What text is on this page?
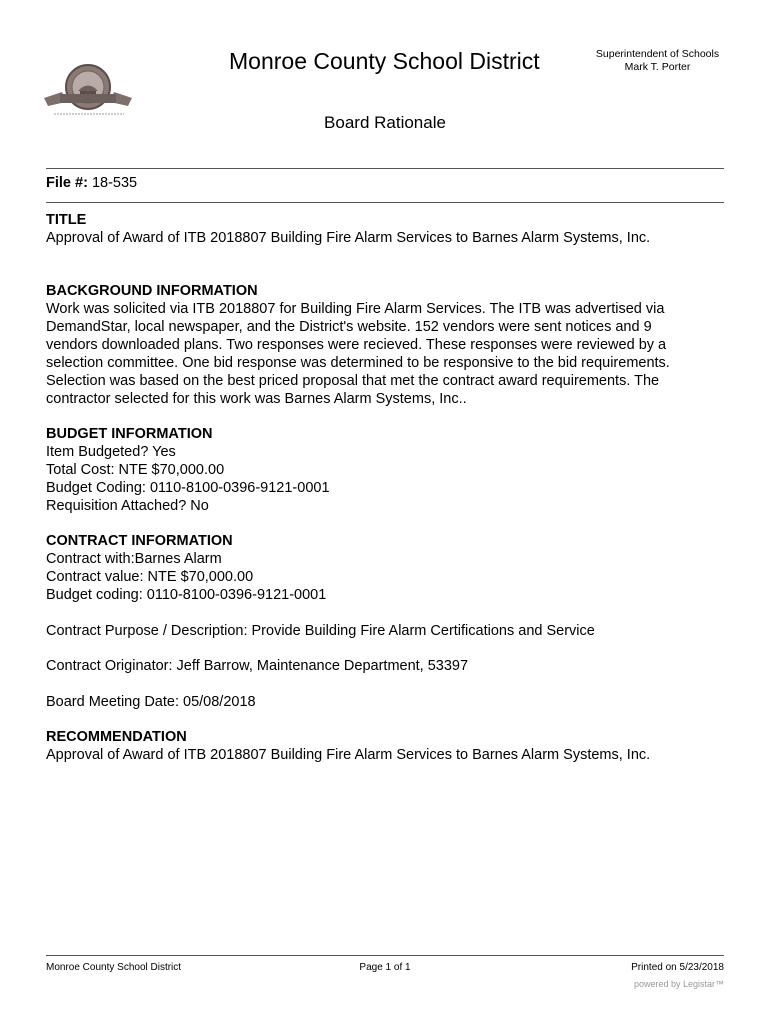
Monroe County School District	Superintendent of Schools
Mark T. Porter
Board Rationale
File #: 18-535
TITLE

Approval of Award of ITB 2018807 Building Fire Alarm Services to Barnes Alarm Systems, Inc.

BACKGROUND INFORMATION

Work was solicited via ITB 2018807 for Building Fire Alarm Services. The ITB was advertised via

DemandStar, local newspaper, and the District's website. 152 vendors were sent notices and 9

vendors downloaded plans. Two responses were recieved. These responses were reviewed by a

selection committee. One bid response was determined to be responsive to the bid requirements.

Selection was based on the best priced proposal that met the contract award requirements. The

contractor selected for this work was Barnes Alarm Systems, Inc..

BUDGET INFORMATION

Item Budgeted? Yes

Total Cost: NTE $70,000.00

Budget Coding: 0110-8100-0396-9121-0001

Requisition Attached? No

CONTRACT INFORMATION

Contract with:Barnes Alarm

Contract value: NTE $70,000.00

Budget coding: 0110-8100-0396-9121-0001

Contract Purpose / Description: Provide Building Fire Alarm Certifications and Service
Contract Originator: Jeff Barrow, Maintenance Department, 53397
Board Meeting Date: 05/08/2018
RECOMMENDATION

Approval of Award of ITB 2018807 Building Fire Alarm Services to Barnes Alarm Systems, Inc.

Monroe County School District	Page 1 of 1	Printed on 5/23/2018
powered by Legistar™
